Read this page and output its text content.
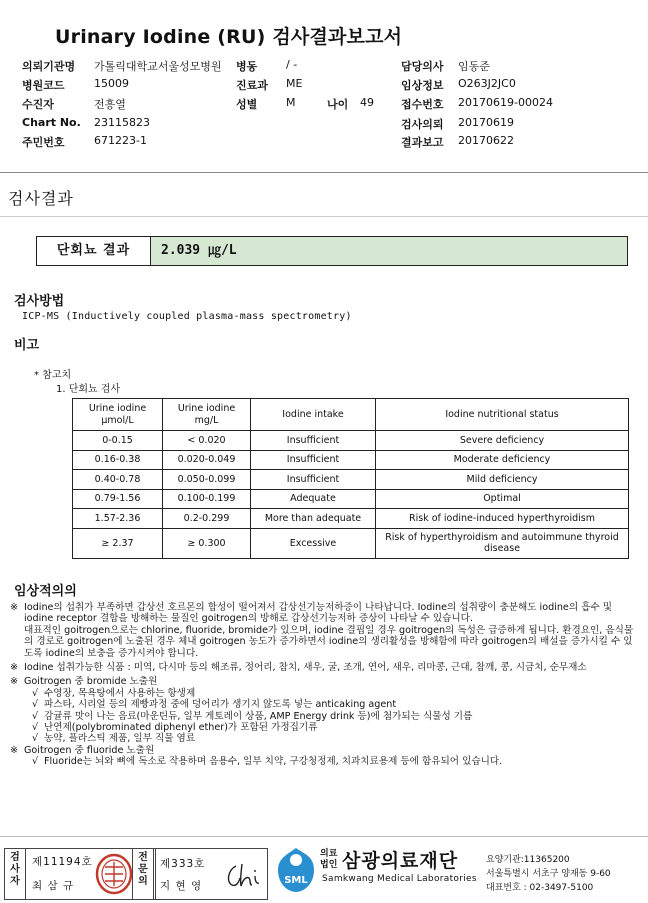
Urinary Iodine (RU) 검사결과보고서
의뢰기관명 가톨릭대학교서울성모병원 병동	/ -	담당의사 임동준
병원코드	15009	진료과 ME	임상정보 O263J2JC0
수진자	전흥열	성별	M	나이 49 접수번호 20170619-00024
Chart No. 23115823	검사의뢰 20170619
주민번호	671223-1	결과보고 20170622
검사결과
단회뇨 결과	2.039 ㎍/L
검사방법
ICP-MS (Inductively coupled plasma-mass spectrometry)
비고
* 참고치
1. 단회뇨 검사
Urine iodine μmol/L	Urine iodine mg/L	Iodine intake	Iodine nutritional status
0-0.15	< 0.020	Insufficient	Severe deficiency
0.16-0.38	0.020-0.049	Insufficient	Moderate deficiency
0.40-0.78	0.050-0.099	Insufficient	Mild deficiency
0.79-1.56	0.100-0.199	Adequate	Optimal
1.57-2.36	0.2-0.299	More than adequate	Risk of iodine-induced hyperthyroidism
≥ 2.37	≥ 0.300	Excessive	Risk of hyperthyroidism and autoimmune thyroid disease
임상적의의
※ Iodine의 섭취가 부족하면 갑상선 호르몬의 합성이 떨어져서 갑상선기능저하증이 나타납니다. Iodine의 섭취량이 충분해도 iodine의 흡수 및 iodine receptor 결합을 방해하는 물질인 goitrogen의 방해로 갑상선기능저하 증상이 나타날 수 있습니다.
대표적인 goitrogen으로는 chlorine, fluoride, bromide가 있으며, iodine 결핍일 경우 goitrogen의 독성은 급증하게 됩니다. 환경요인, 음식물의 경로로 goitrogen에 노출된 경우 체내 goitrogen 농도가 증가하면서 iodine의 생리활성을 방해함에 따라 goitrogen의 배설을 증가시킬 수 있도록 iodine의 보충을 증가시켜야 합니다.
※ Iodine 섭취가능한 식품 : 미역, 다시마 등의 해조류, 정어리, 참치, 새우, 굴, 조개, 연어, 새우, 리마콩, 근대, 참깨, 콩, 시금치, 순무재소
※ Goitrogen 중 bromide 노출원
√ 수영장, 목욕탕에서 사용하는 항생제
√ 파스타, 시리얼 등의 제빵과정 중에 덩어리가 생기지 않도록 넣는 anticaking agent
√ 감귤류 맛이 나는 음료(마운틴듀, 일부 게토레이 상품, AMP Energy drink 등)에 첨가되는 식물성 기름
√ 난연제(polybrominated diphenyl ether)가 포함된 가정집기류
√ 농약, 플라스틱 제품, 일부 직물 염료
※ Goitrogen 중 fluoride 노출원
√ Fluoride는 뇌와 뼈에 독소로 작용하며 음용수, 일부 치약, 구강청정제, 치과치료용제 등에 함유되어 있습니다.
검사자
제11194호
최 삼 규
전문의
제333호
지 현 영	SML
의료법인 삼광의료재단
Samkwang Medical Laboratories
요양기관:11365200
서울특별시 서초구 양재동 9-60
대표번호 : 02-3497-5100
